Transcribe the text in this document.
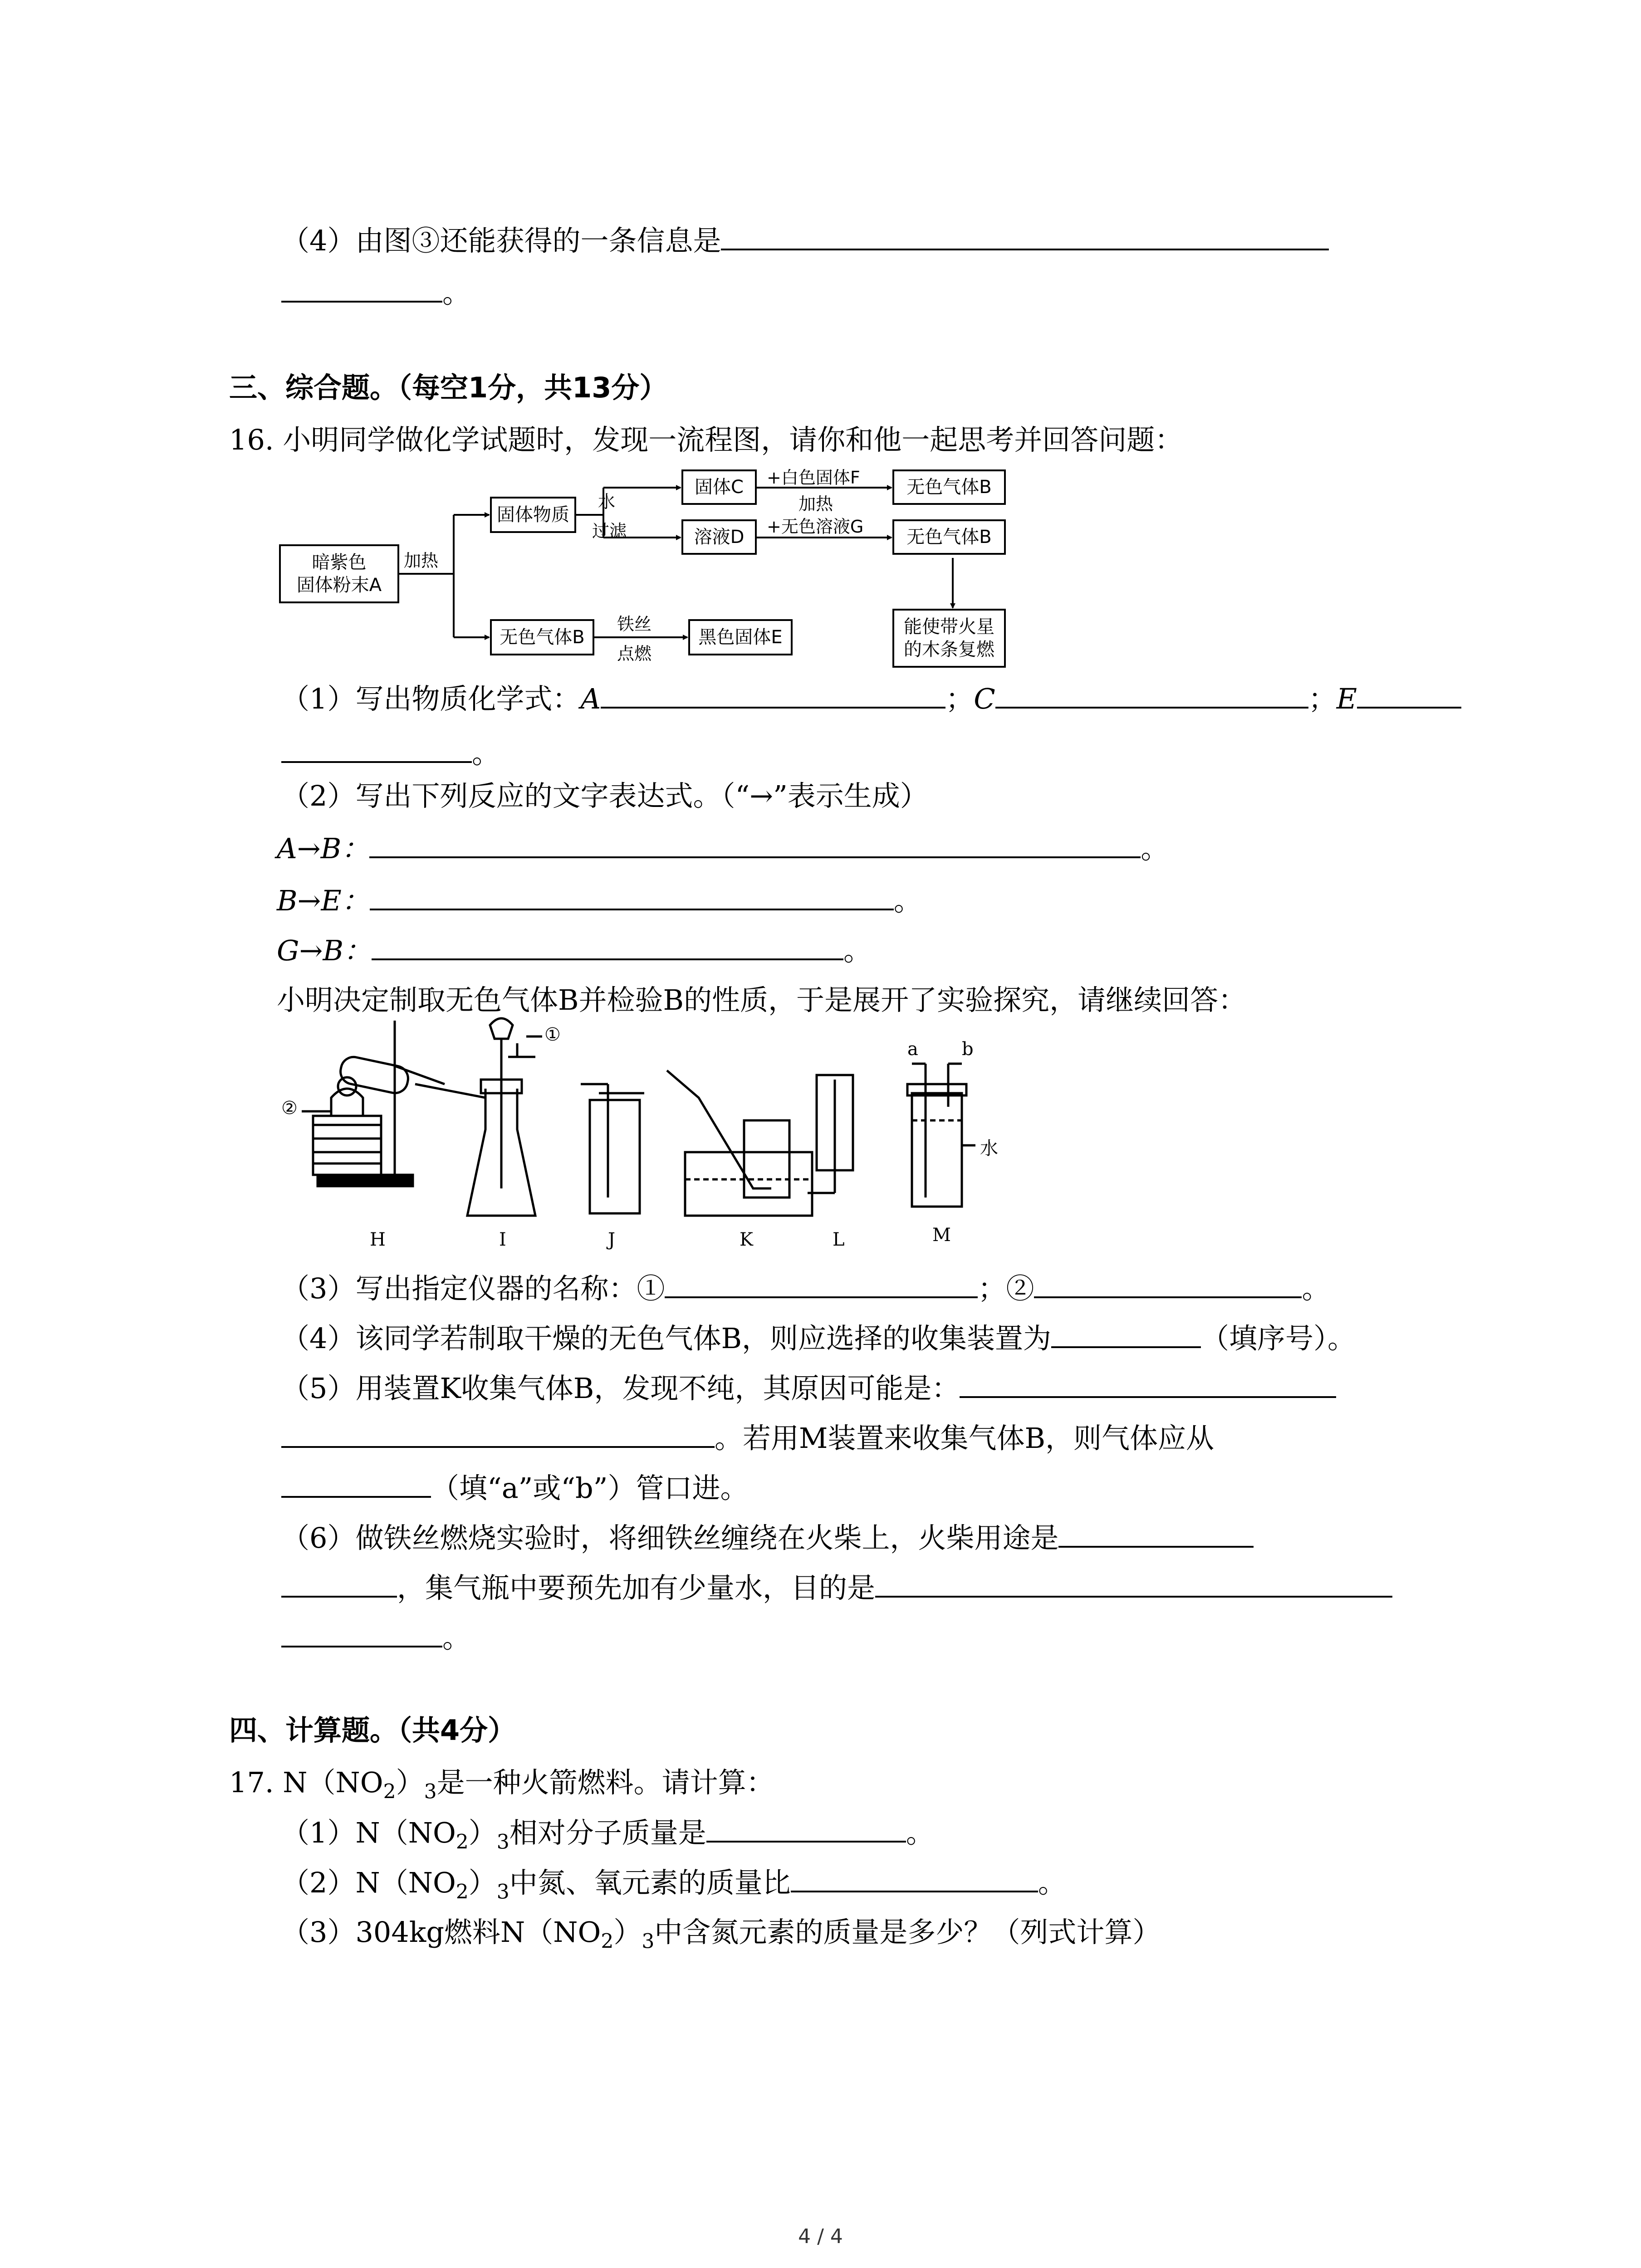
（4）由图③还能获得的一条信息是
。
三、综合题。（每空1分，共13分）
16. 小明同学做化学试题时，发现一流程图，请你和他一起思考并回答问题：
暗紫色
固体粉末A
加热
固体物质
水
过滤
固体C
溶液D
+白色固体F
加热
+无色溶液G
无色气体B
无色气体B
能使带火星
的木条复燃
无色气体B
铁丝
点燃
黑色固体E
（1）写出物质化学式：A	；C	；E
。
（2）写出下列反应的文字表达式。（“→”表示生成）
A→B：	。
B→E：	。
G→B：	。
小明决定制取无色气体B并检验B的性质，于是展开了实验探究，请继续回答：
①
②
a b
水
H	I	J	K	L	M
（3）写出指定仪器的名称：①	；②	。
（4）该同学若制取干燥的无色气体B，则应选择的收集装置为	（填序号）。
（5）用装置K收集气体B，发现不纯，其原因可能是：
。若用M装置来收集气体B，则气体应从
（填“a”或“b”）管口进。
（6）做铁丝燃烧实验时，将细铁丝缠绕在火柴上，火柴用途是
，集气瓶中要预先加有少量水，目的是
。
四、计算题。（共4分）
17. $N(NO_2)_3$是一种火箭燃料。请计算：
$(1)N(NO_2)_3$相对分子质量是	。
$(2)N(NO_2)_3$中氮、氧元素的质量比	。
（3）304kg燃料$N(NO_2)_3$中含氮元素的质量是多少？（列式计算）
4 / 4
